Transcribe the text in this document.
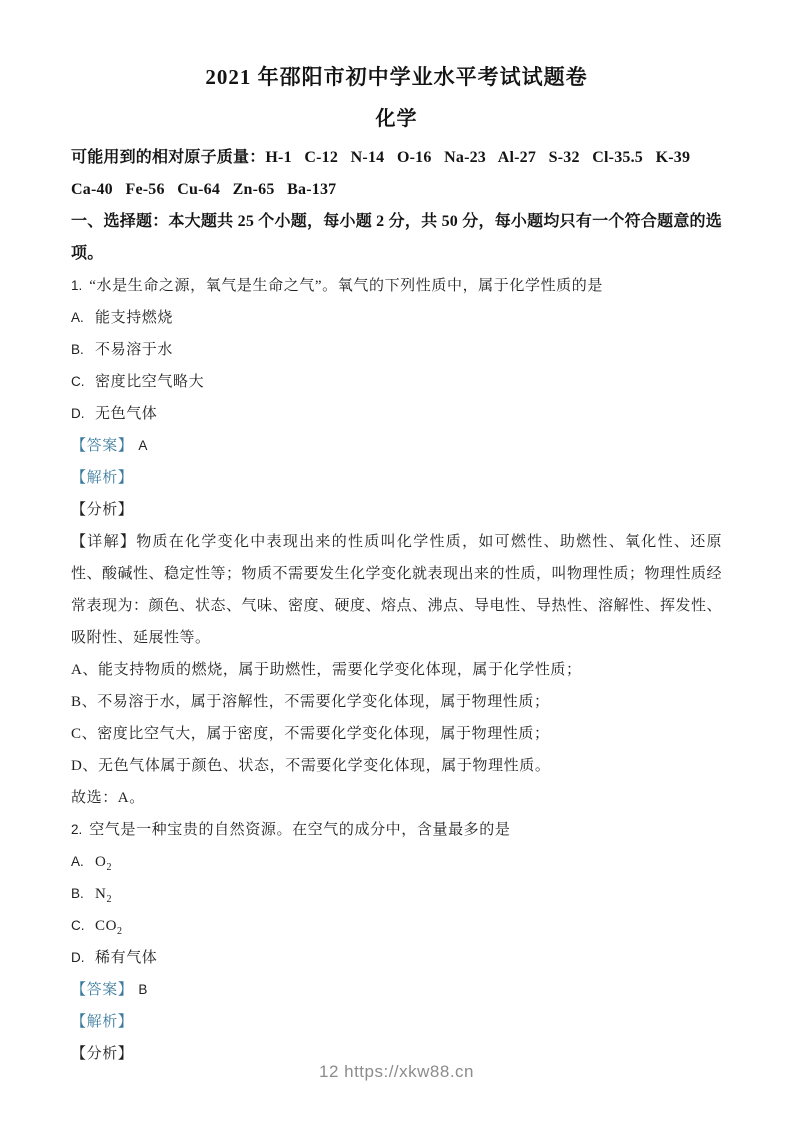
2021 年邵阳市初中学业水平考试试题卷
化学

可能用到的相对原子质量：H-1   C-12   N-14   O-16   Na-23   Al-27   S-32   Cl-35.5   K-39

Ca-40   Fe-56   Cu-64   Zn-65   Ba-137

一、选择题：本大题共 25 个小题，每小题 2 分，共 50 分，每小题均只有一个符合题意的选项。

1. “水是生命之源，氧气是生命之气”。氧气的下列性质中，属于化学性质的是

A. 能支持燃烧

B. 不易溶于水

C. 密度比空气略大

D. 无色气体

【答案】 A

【解析】

【分析】

【详解】物质在化学变化中表现出来的性质叫化学性质，如可燃性、助燃性、氧化性、还原性、酸碱性、稳定性等；物质不需要发生化学变化就表现出来的性质，叫物理性质；物理性质经常表现为：颜色、状态、气味、密度、硬度、熔点、沸点、导电性、导热性、溶解性、挥发性、吸附性、延展性等。

A、能支持物质的燃烧，属于助燃性，需要化学变化体现，属于化学性质；

B、不易溶于水，属于溶解性，不需要化学变化体现，属于物理性质；

C、密度比空气大，属于密度，不需要化学变化体现，属于物理性质；

D、无色气体属于颜色、状态，不需要化学变化体现，属于物理性质。

故选：A。

2. 空气是一种宝贵的自然资源。在空气的成分中，含量最多的是

A. $O_2$

B. $N_2$

C. $CO_2$

D. 稀有气体

【答案】 B

【解析】

【分析】

12 https://xkw88.cn
